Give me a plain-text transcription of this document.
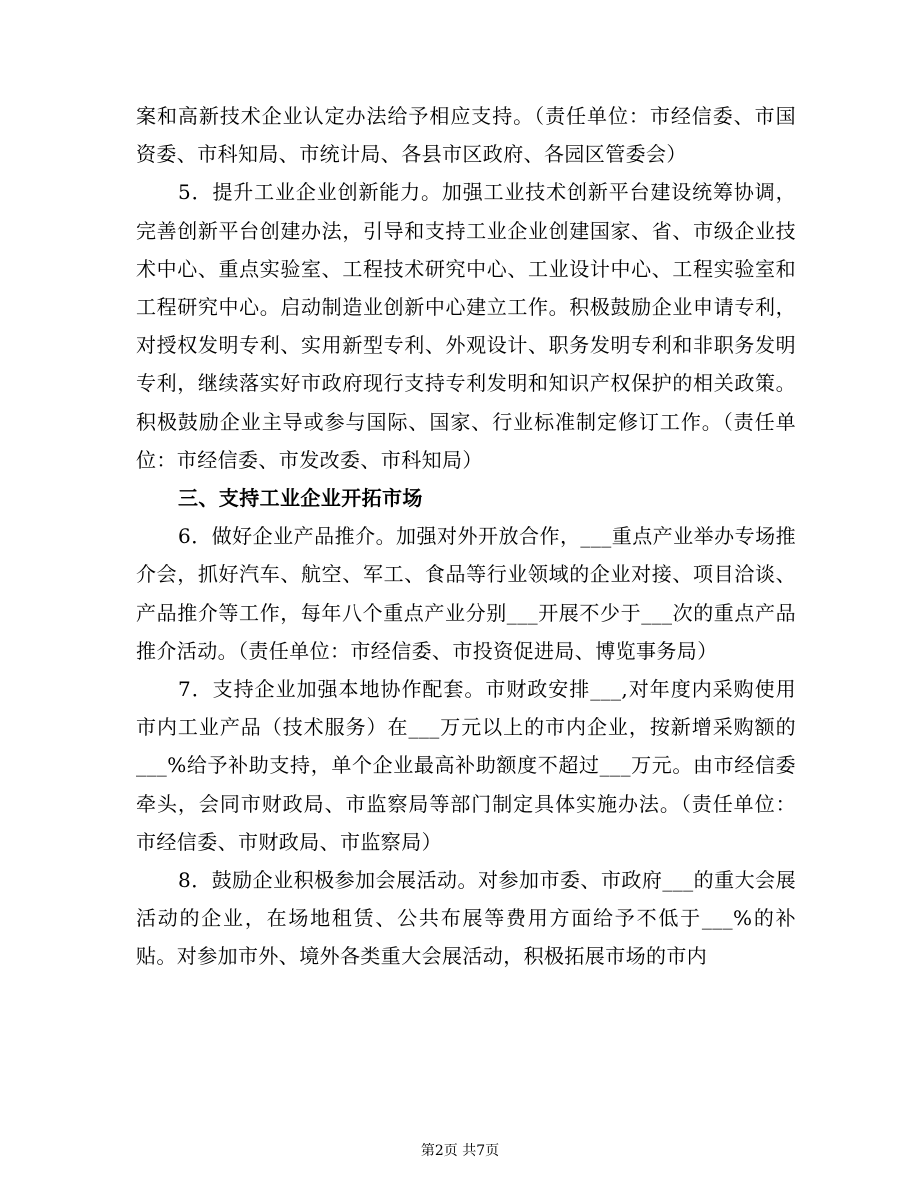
案和高新技术企业认定办法给予相应支持。（责任单位：市经信委、市国资委、市科知局、市统计局、各县市区政府、各园区管委会）

5．提升工业企业创新能力。加强工业技术创新平台建设统筹协调，完善创新平台创建办法，引导和支持工业企业创建国家、省、市级企业技术中心、重点实验室、工程技术研究中心、工业设计中心、工程实验室和工程研究中心。启动制造业创新中心建立工作。积极鼓励企业申请专利，对授权发明专利、实用新型专利、外观设计、职务发明专利和非职务发明专利，继续落实好市政府现行支持专利发明和知识产权保护的相关政策。积极鼓励企业主导或参与国际、国家、行业标准制定修订工作。（责任单位：市经信委、市发改委、市科知局）

三、支持工业企业开拓市场

6．做好企业产品推介。加强对外开放合作，___重点产业举办专场推介会，抓好汽车、航空、军工、食品等行业领域的企业对接、项目洽谈、产品推介等工作，每年八个重点产业分别___开展不少于___次的重点产品推介活动。（责任单位：市经信委、市投资促进局、博览事务局）

7．支持企业加强本地协作配套。市财政安排___,对年度内采购使用市内工业产品（技术服务）在___万元以上的市内企业，按新增采购额的___%给予补助支持，单个企业最高补助额度不超过___万元。由市经信委牵头，会同市财政局、市监察局等部门制定具体实施办法。（责任单位：市经信委、市财政局、市监察局）

8．鼓励企业积极参加会展活动。对参加市委、市政府___的重大会展活动的企业，在场地租赁、公共布展等费用方面给予不低于___%的补贴。对参加市外、境外各类重大会展活动，积极拓展市场的市内

第2页 共7页
